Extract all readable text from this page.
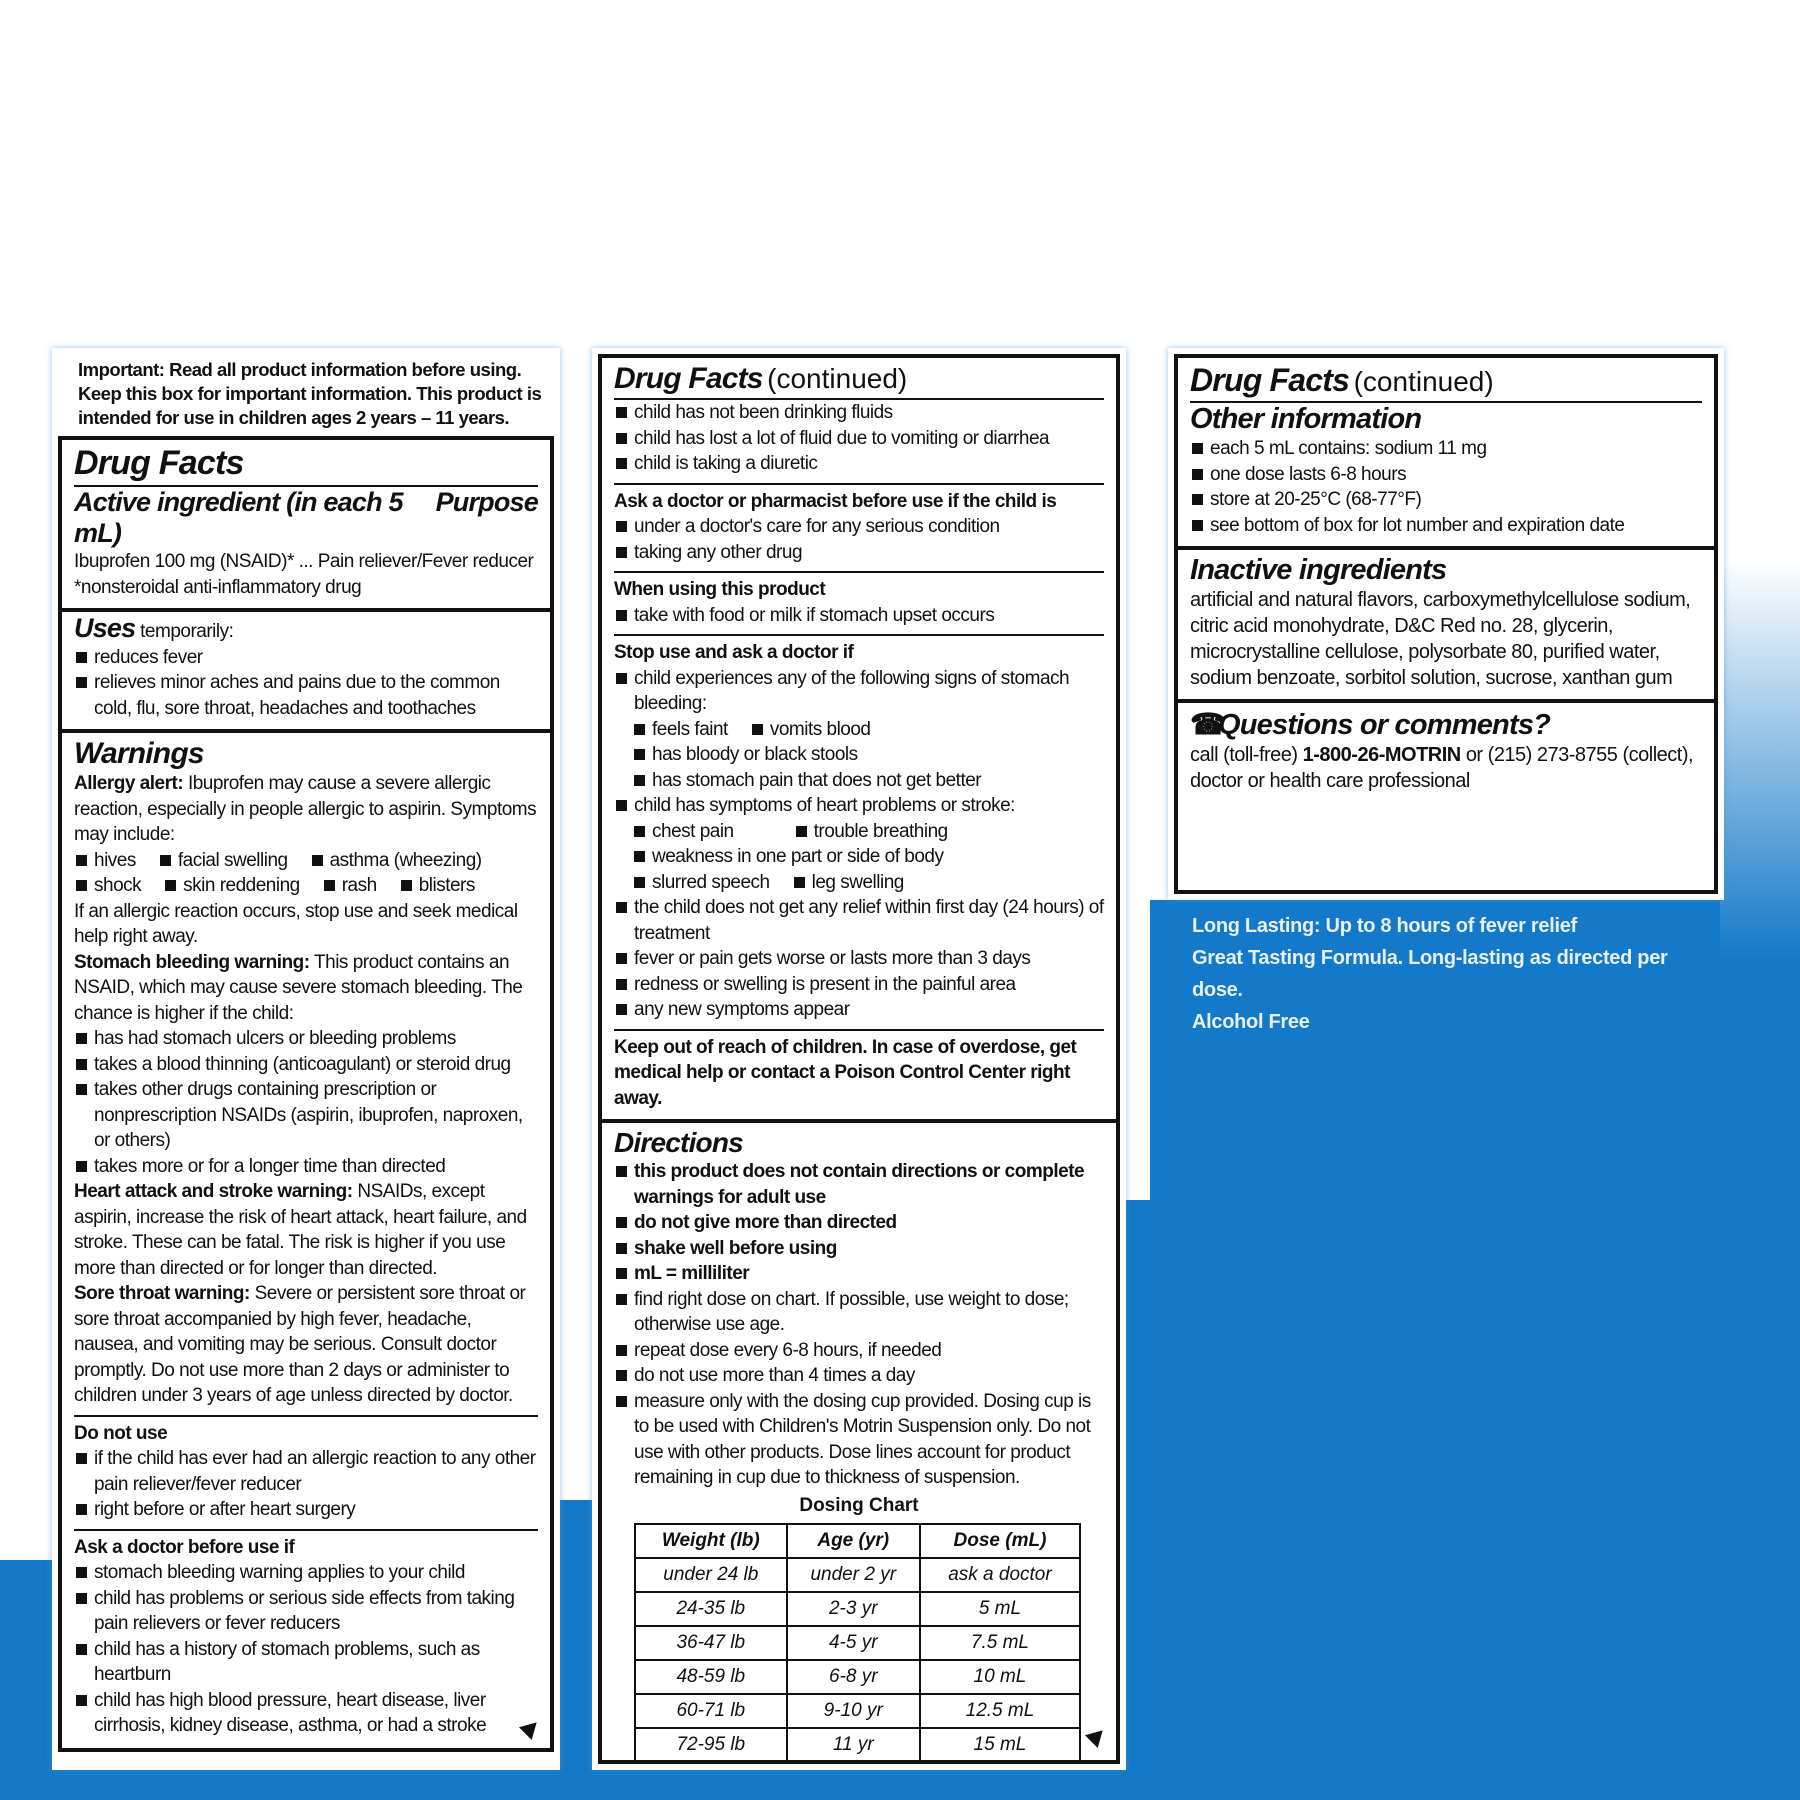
Important: Read all product information before using. Keep this box for important information. This product is intended for use in children ages 2 years – 11 years.

Drug Facts
Active ingredient (in each 5 mL)
Purpose

Ibuprofen 100 mg (NSAID)* ... Pain reliever/Fever reducer

*nonsteroidal anti-inflammatory drug

Uses temporarily:

reduces fever
relieves minor aches and pains due to the common cold, flu, sore throat, headaches and toothaches
Warnings

Allergy alert: Ibuprofen may cause a severe allergic reaction, especially in people allergic to aspirin. Symptoms may include:

hives	facial swelling	asthma (wheezing)
shock	skin reddening	rash	blisters

If an allergic reaction occurs, stop use and seek medical help right away.

Stomach bleeding warning: This product contains an NSAID, which may cause severe stomach bleeding. The chance is higher if the child:

has had stomach ulcers or bleeding problems
takes a blood thinning (anticoagulant) or steroid drug
takes other drugs containing prescription or nonprescription NSAIDs (aspirin, ibuprofen, naproxen, or others)
takes more or for a longer time than directed

Heart attack and stroke warning: NSAIDs, except aspirin, increase the risk of heart attack, heart failure, and stroke. These can be fatal. The risk is higher if you use more than directed or for longer than directed.

Sore throat warning: Severe or persistent sore throat or sore throat accompanied by high fever, headache, nausea, and vomiting may be serious. Consult doctor promptly. Do not use more than 2 days or administer to children under 3 years of age unless directed by doctor.

Do not use

if the child has ever had an allergic reaction to any other pain reliever/fever reducer
right before or after heart surgery

Ask a doctor before use if

stomach bleeding warning applies to your child
child has problems or serious side effects from taking pain relievers or fever reducers
child has a history of stomach problems, such as heartburn
child has high blood pressure, heart disease, liver cirrhosis, kidney disease, asthma, or had a stroke
Drug Facts (continued)
child has not been drinking fluids
child has lost a lot of fluid due to vomiting or diarrhea
child is taking a diuretic

Ask a doctor or pharmacist before use if the child is

under a doctor's care for any serious condition
taking any other drug

When using this product

take with food or milk if stomach upset occurs

Stop use and ask a doctor if

child experiences any of the following signs of stomach bleeding:
feels faint	vomits blood
has bloody or black stools
has stomach pain that does not get better
child has symptoms of heart problems or stroke:
chest pain	trouble breathing
weakness in one part or side of body
slurred speech	leg swelling
the child does not get any relief within first day (24 hours) of treatment
fever or pain gets worse or lasts more than 3 days
redness or swelling is present in the painful area
any new symptoms appear

Keep out of reach of children. In case of overdose, get medical help or contact a Poison Control Center right away.

Directions
this product does not contain directions or complete warnings for adult use
do not give more than directed
shake well before using
mL = milliliter
find right dose on chart. If possible, use weight to dose; otherwise use age.
repeat dose every 6-8 hours, if needed
do not use more than 4 times a day
measure only with the dosing cup provided. Dosing cup is to be used with Children's Motrin Suspension only. Do not use with other products. Dose lines account for product remaining in cup due to thickness of suspension.
Dosing Chart
Weight (lb)	Age (yr)	Dose (mL)
under 24 lb	under 2 yr	ask a doctor
24-35 lb	2-3 yr	5 mL
36-47 lb	4-5 yr	7.5 mL
48-59 lb	6-8 yr	10 mL
60-71 lb	9-10 yr	12.5 mL
72-95 lb	11 yr	15 mL
Drug Facts (continued)
Other information
each 5 mL contains: sodium 11 mg
one dose lasts 6-8 hours
store at 20-25°C (68-77°F)
see bottom of box for lot number and expiration date
Inactive ingredients

artificial and natural flavors, carboxymethylcellulose sodium, citric acid monohydrate, D&C Red no. 28, glycerin, microcrystalline cellulose, polysorbate 80, purified water, sodium benzoate, sorbitol solution, sucrose, xanthan gum

☎Questions or comments?

call (toll-free) 1-800-26-MOTRIN or (215) 273-8755 (collect), doctor or health care professional

Long Lasting: Up to 8 hours of fever relief
Great Tasting Formula. Long-lasting as directed per dose.
Alcohol Free
